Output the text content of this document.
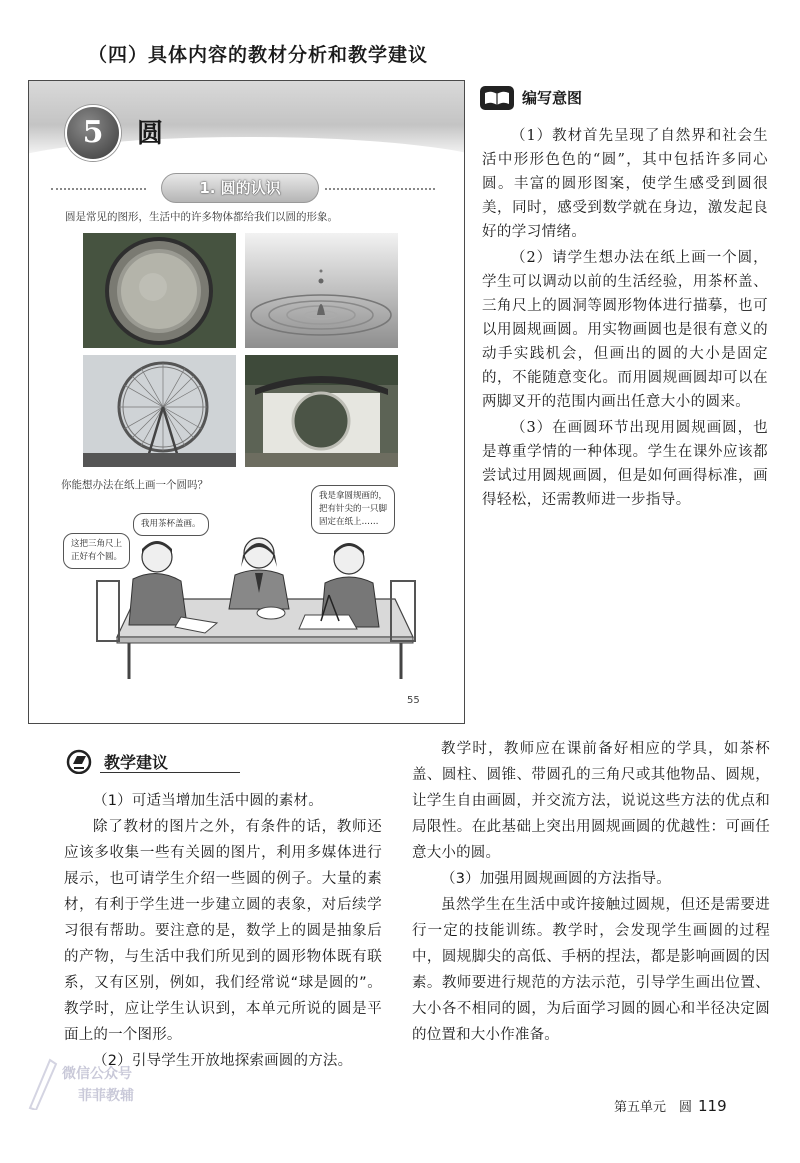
（四）具体内容的教材分析和教学建议
5	圆
1. 圆的认识
圆是常见的图形，生活中的许多物体都给我们以圆的形象。
你能想办法在纸上画一个圆吗？
这把三角尺上
正好有个圆。
我用茶杯盖画。
我是拿圆规画的，
把有针尖的一只脚
固定在纸上……
55
编写意图

（1）教材首先呈现了自然界和社会生活中形形色色的“圆”，其中包括许多同心圆。丰富的圆形图案，使学生感受到圆很美，同时，感受到数学就在身边，激发起良好的学习情绪。

（2）请学生想办法在纸上画一个圆，学生可以调动以前的生活经验，用茶杯盖、三角尺上的圆洞等圆形物体进行描摹，也可以用圆规画圆。用实物画圆也是很有意义的动手实践机会，但画出的圆的大小是固定的，不能随意变化。而用圆规画圆却可以在两脚叉开的范围内画出任意大小的圆来。

（3）在画圆环节出现用圆规画圆，也是尊重学情的一种体现。学生在课外应该都尝试过用圆规画圆，但是如何画得标准，画得轻松，还需教师进一步指导。

教学建议

（1）可适当增加生活中圆的素材。

除了教材的图片之外，有条件的话，教师还应该多收集一些有关圆的图片，利用多媒体进行展示，也可请学生介绍一些圆的例子。大量的素材，有利于学生进一步建立圆的表象，对后续学习很有帮助。要注意的是，数学上的圆是抽象后的产物，与生活中我们所见到的圆形物体既有联系，又有区别，例如，我们经常说“球是圆的”。教学时，应让学生认识到，本单元所说的圆是平面上的一个图形。

（2）引导学生开放地探索画圆的方法。

教学时，教师应在课前备好相应的学具，如茶杯盖、圆柱、圆锥、带圆孔的三角尺或其他物品、圆规，让学生自由画圆，并交流方法，说说这些方法的优点和局限性。在此基础上突出用圆规画圆的优越性：可画任意大小的圆。

（3）加强用圆规画圆的方法指导。

虽然学生在生活中或许接触过圆规，但还是需要进行一定的技能训练。教学时，会发现学生画圆的过程中，圆规脚尖的高低、手柄的捏法，都是影响画圆的因素。教师要进行规范的方法示范，引导学生画出位置、大小各不相同的圆，为后面学习圆的圆心和半径决定圆的位置和大小作准备。

微信公众号
菲菲教辅
第五单元　圆 119
